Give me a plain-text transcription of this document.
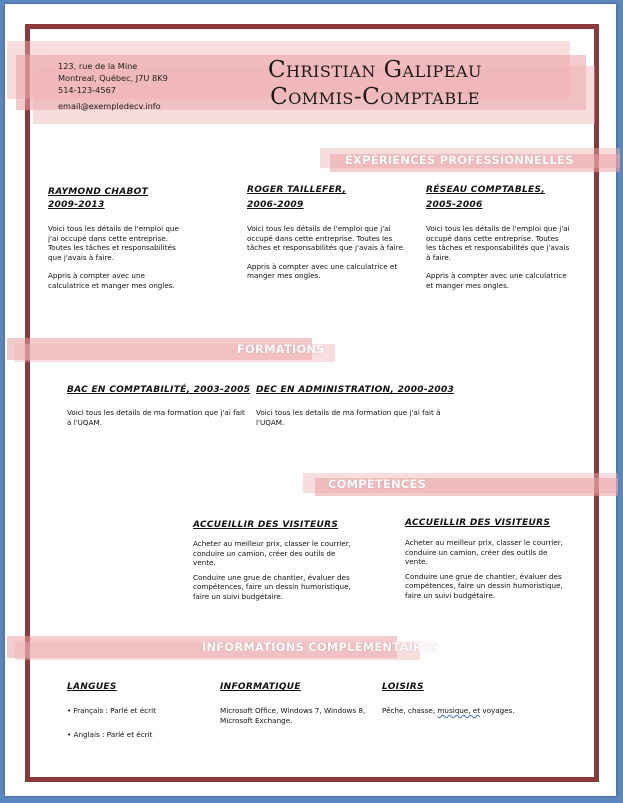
123, rue de la Mine
Montreal, Québec, J7U 8K9
514-123-4567
email@exempledecv.info
Christian Galipeau
Commis-Comptable
EXPÉRIENCES PROFESSIONNELLES
RAYMOND CHABOT
2009-2013

Voici tous les détails de l'emploi que j'ai occupé dans cette entreprise. Toutes les tâches et responsabilités que j'avais à faire.

Appris à compter avec une calculatrice et manger mes ongles.

ROGER TAILLEFER,
2006-2009

Voici tous les détails de l'emploi que j'ai occupé dans cette entreprise. Toutes les tâches et responsabilités que j'avais à faire.

Appris à compter avec une calculatrice et manger mes ongles.

RÉSEAU COMPTABLES,
2005-2006

Voici tous les détails de l'emploi que j'ai occupé dans cette entreprise. Toutes les tâches et responsabilités que j'avais à faire.

Appris à compter avec une calculatrice et manger mes ongles.

FORMATIONS
BAC EN COMPTABILITÉ, 2003-2005
Voici tous les details de ma formation que j'ai fait à l'UQAM.
DEC EN ADMINISTRATION, 2000-2003
Voici tous les details de ma formation que j'ai fait à l'UQAM.
COMPÉTENCES
ACCUEILLIR DES VISITEURS

Acheter au meilleur prix, classer le courrier, conduire un camion, créer des outils de vente.

Conduire une grue de chantier, évaluer des compétences, faire un dessin humoristique, faire un suivi budgétaire.

ACCUEILLIR DES VISITEURS

Acheter au meilleur prix, classer le courrier, conduire un camion, créer des outils de vente.

Conduire une grue de chantier, évaluer des compétences, faire un dessin humoristique, faire un suivi budgétaire.

INFORMATIONS COMPLÉMENTAIRES
LANGUES

• Français : Parlé et écrit

• Anglais : Parlé et écrit

INFORMATIQUE
Microsoft Office, Windows 7, Windows 8, Microsoft Exchange.
LOISIRS
Pêche, chasse, musique, et voyages.
